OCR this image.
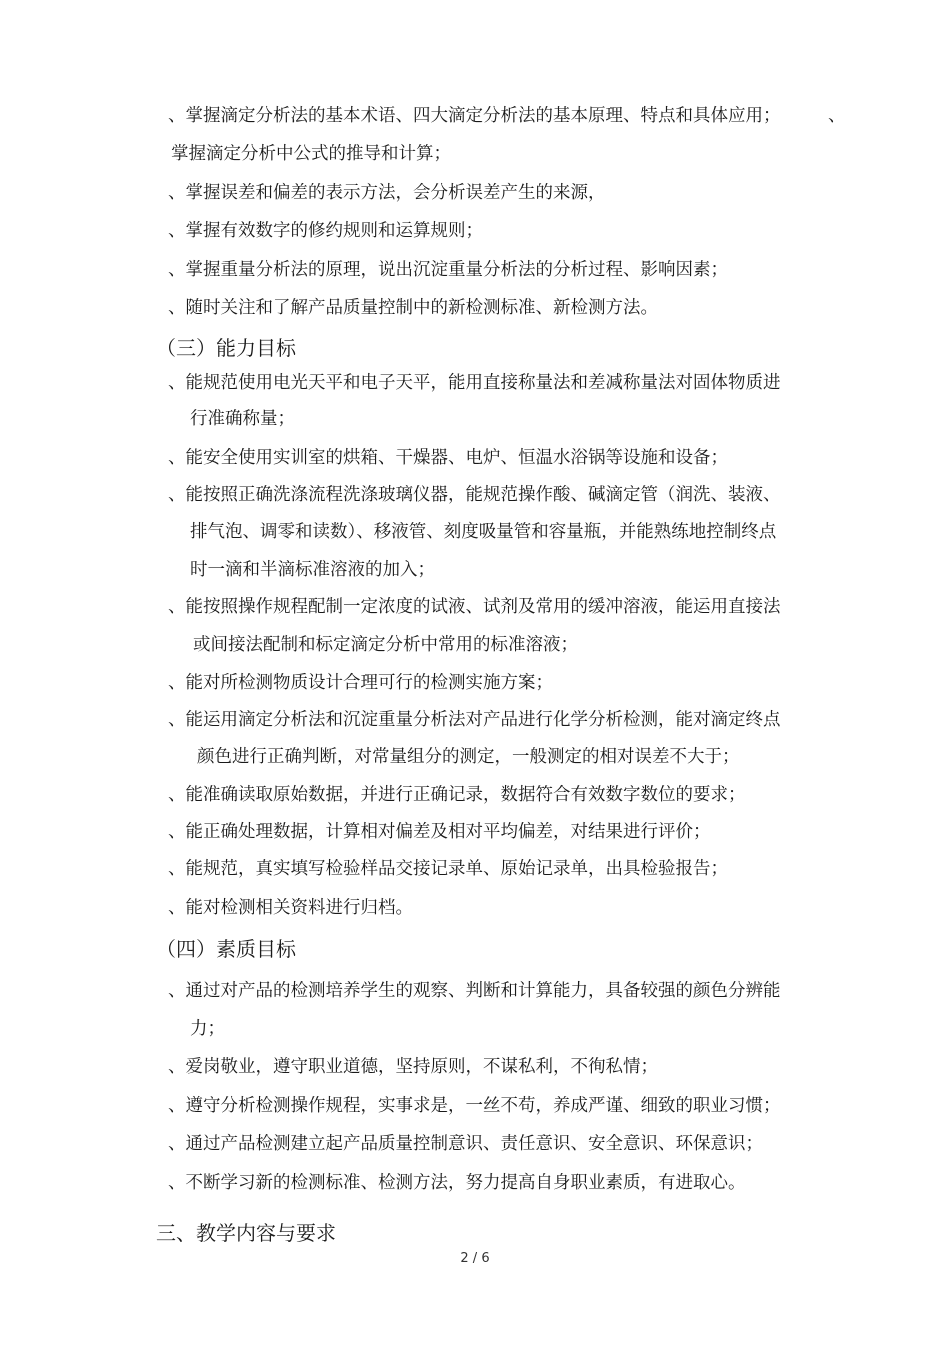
、掌握滴定分析法的基本术语、四大滴定分析法的基本原理、特点和具体应用；	、
掌握滴定分析中公式的推导和计算；
、掌握误差和偏差的表示方法，会分析误差产生的来源，
、掌握有效数字的修约规则和运算规则；
、掌握重量分析法的原理，说出沉淀重量分析法的分析过程、影响因素；
、随时关注和了解产品质量控制中的新检测标准、新检测方法。
（三）能力目标
、能规范使用电光天平和电子天平，能用直接称量法和差减称量法对固体物质进
行准确称量；
、能安全使用实训室的烘箱、干燥器、电炉、恒温水浴锅等设施和设备；
、能按照正确洗涤流程洗涤玻璃仪器，能规范操作酸、碱滴定管（润洗、装液、
排气泡、调零和读数）、移液管、刻度吸量管和容量瓶，并能熟练地控制终点
时一滴和半滴标准溶液的加入；
、能按照操作规程配制一定浓度的试液、试剂及常用的缓冲溶液，能运用直接法
或间接法配制和标定滴定分析中常用的标准溶液；
、能对所检测物质设计合理可行的检测实施方案；
、能运用滴定分析法和沉淀重量分析法对产品进行化学分析检测，能对滴定终点
颜色进行正确判断，对常量组分的测定，一般测定的相对误差不大于；
、能准确读取原始数据，并进行正确记录，数据符合有效数字数位的要求；
、能正确处理数据，计算相对偏差及相对平均偏差，对结果进行评价；
、能规范，真实填写检验样品交接记录单、原始记录单，出具检验报告；
、能对检测相关资料进行归档。
（四）素质目标
、通过对产品的检测培养学生的观察、判断和计算能力，具备较强的颜色分辨能
力；
、爱岗敬业，遵守职业道德，坚持原则，不谋私利，不徇私情；
、遵守分析检测操作规程，实事求是，一丝不苟，养成严谨、细致的职业习惯；
、通过产品检测建立起产品质量控制意识、责任意识、安全意识、环保意识；
、不断学习新的检测标准、检测方法，努力提高自身职业素质，有进取心。
三、教学内容与要求
2 / 6
